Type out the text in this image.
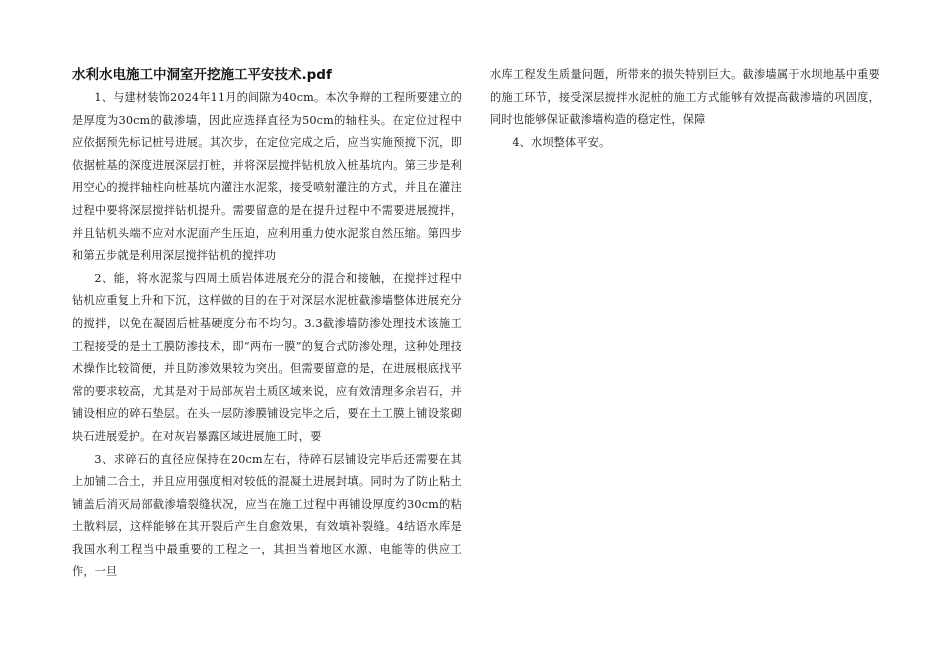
水利水电施工中洞室开挖施工平安技术.pdf

1、与建材装饰2024年11月的间隙为40cm。本次争辩的工程所要建立的是厚度为30cm的截渗墙，因此应选择直径为50cm的轴柱头。在定位过程中应依据预先标记桩号进展。其次步，在定位完成之后，应当实施预搅下沉，即依据桩基的深度进展深层打桩，并将深层搅拌钻机放入桩基坑内。第三步是利用空心的搅拌轴柱向桩基坑内灌注水泥浆，接受喷射灌注的方式，并且在灌注过程中要将深层搅拌钻机提升。需要留意的是在提升过程中不需要进展搅拌，并且钻机头端不应对水泥面产生压迫，应利用重力使水泥浆自然压缩。第四步和第五步就是利用深层搅拌钻机的搅拌功

2、能，将水泥浆与四周土质岩体进展充分的混合和接触，在搅拌过程中钻机应重复上升和下沉，这样做的目的在于对深层水泥桩截渗墙整体进展充分的搅拌，以免在凝固后桩基硬度分布不均匀。3.3截渗墙防渗处理技术该施工工程接受的是土工膜防渗技术，即“两布一膜”的复合式防渗处理，这种处理技术操作比较简便，并且防渗效果较为突出。但需要留意的是，在进展根底找平常的要求较高，尤其是对于局部灰岩土质区域来说，应有效清理多余岩石，并铺设相应的碎石垫层。在头一层防渗膜铺设完毕之后，要在土工膜上铺设浆砌块石进展爱护。在对灰岩暴露区域进展施工时，要

3、求碎石的直径应保持在20cm左右，待碎石层铺设完毕后还需要在其上加铺二合土，并且应用强度相对较低的混凝土进展封填。同时为了防止粘土铺盖后消灭局部截渗墙裂缝状况，应当在施工过程中再铺设厚度约30cm的粘土散料层，这样能够在其开裂后产生自愈效果，有效填补裂缝。4结语水库是我国水利工程当中最重要的工程之一，其担当着地区水源、电能等的供应工作，一旦

水库工程发生质量问题，所带来的损失特别巨大。截渗墙属于水坝地基中重要的施工环节，接受深层搅拌水泥桩的施工方式能够有效提高截渗墙的巩固度，同时也能够保证截渗墙构造的稳定性，保障

4、水坝整体平安。
